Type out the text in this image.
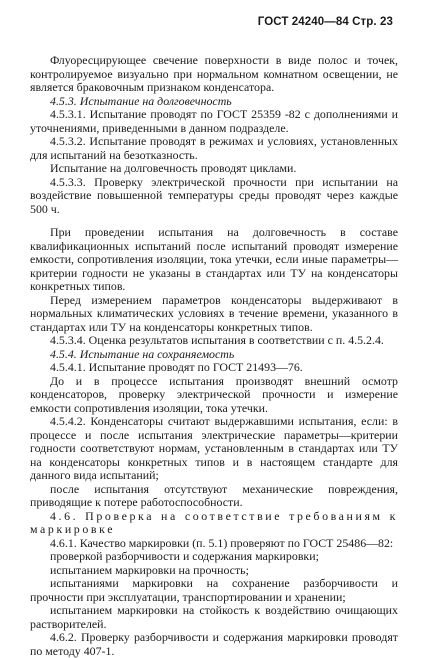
ГОСТ 24240—84 Стр. 23

Флуоресцирующее свечение поверхности в виде полос и точек, контролируемое визуально при нормальном комнатном освещении, не является браковочным признаком конденсатора.

4.5.3. Испытание на долговечность

4.5.3.1. Испытание проводят по ГОСТ 25359 -82 с дополнениями и уточнениями, приведенными в данном подразделе.

4.5.3.2. Испытание проводят в режимах и условиях, установленных для испытаний на безотказность.

Испытание на долговечность проводят циклами.

4.5.3.3. Проверку электрической прочности при испытании на воздействие повышенной температуры среды проводят через каждые 500 ч.

При проведении испытания на долговечность в составе квалификационных испытаний после испытаний проводят измерение емкости, сопротивления изоляции, тока утечки, если иные параметры—критерии годности не указаны в стандартах или ТУ на конденсаторы конкретных типов.

Перед измерением параметров конденсаторы выдерживают в нормальных климатических условиях в течение времени, указанного в стандартах или ТУ на конденсаторы конкретных типов.

4.5.3.4. Оценка результатов испытания в соответствии с п. 4.5.2.4.

4.5.4. Испытание на сохраняемость

4.5.4.1. Испытание проводят по ГОСТ 21493—76.

До и в процессе испытания производят внешний осмотр конденсаторов, проверку электрической прочности и измерение емкости сопротивления изоляции, тока утечки.

4.5.4.2. Конденсаторы считают выдержавшими испытания, если: в процессе и после испытания электрические параметры—критерии годности соответствуют нормам, установленным в стандартах или ТУ на конденсаторы конкретных типов и в настоящем стандарте для данного вида испытаний;

после испытания отсутствуют механические повреждения, приводящие к потере работоспособности.

4.6. Проверка на соответствие требованиям к маркировке

4.6.1. Качество маркировки (п. 5.1) проверяют по ГОСТ 25486—82:

проверкой разборчивости и содержания маркировки;

испытанием маркировки на прочность;

испытаниями маркировки на сохранение разборчивости и прочности при эксплуатации, транспортировании и хранении;

испытанием маркировки на стойкость к воздействию очищающих растворителей.

4.6.2. Проверку разборчивости и содержания маркировки проводят по методу 407-1.
